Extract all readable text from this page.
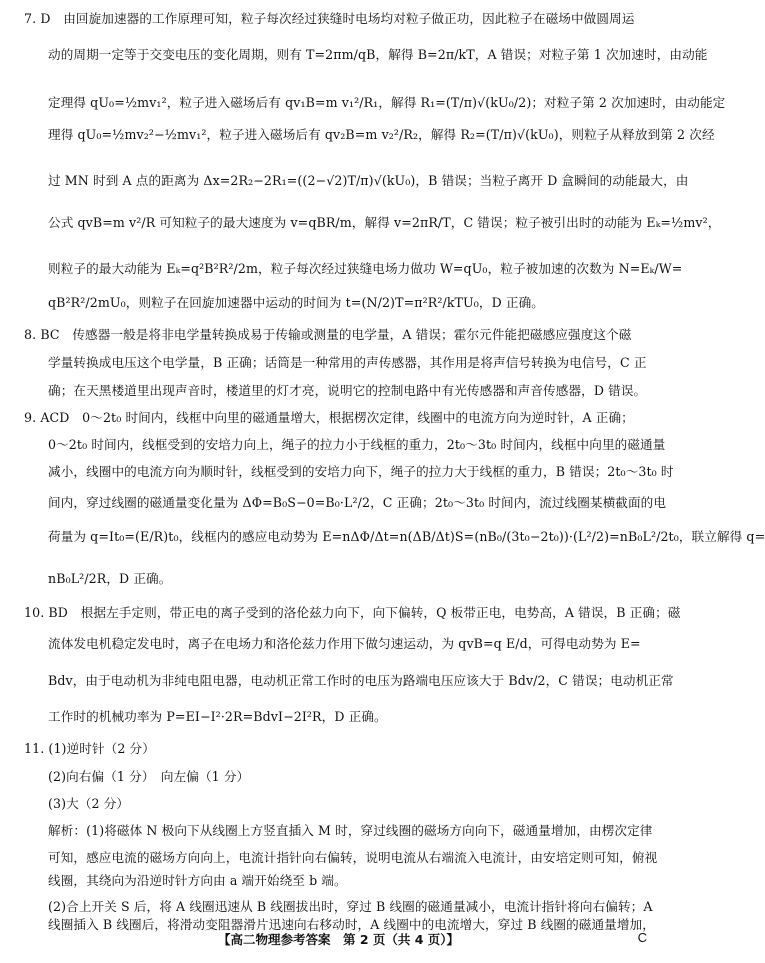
7. D　由回旋加速器的工作原理可知，粒子每次经过狭缝时电场均对粒子做正功，因此粒子在磁场中做圆周运
动的周期一定等于交变电压的变化周期，则有 T=2πm/qB，解得 B=2π/kT，A 错误；对粒子第 1 次加速时，由动能
定理得 qU₀=½mv₁²，粒子进入磁场后有 qv₁B=m v₁²/R₁，解得 R₁=(T/π)√(kU₀/2)；对粒子第 2 次加速时，由动能定
理得 qU₀=½mv₂²−½mv₁²，粒子进入磁场后有 qv₂B=m v₂²/R₂，解得 R₂=(T/π)√(kU₀)，则粒子从释放到第 2 次经
过 MN 时到 A 点的距离为 Δx=2R₂−2R₁=((2−√2)T/π)√(kU₀)，B 错误；当粒子离开 D 盒瞬间的动能最大，由
公式 qvB=m v²/R 可知粒子的最大速度为 v=qBR/m，解得 v=2πR/T，C 错误；粒子被引出时的动能为 Eₖ=½mv²，
则粒子的最大动能为 Eₖ=q²B²R²/2m，粒子每次经过狭缝电场力做功 W=qU₀，粒子被加速的次数为 N=Eₖ/W=
qB²R²/2mU₀，则粒子在回旋加速器中运动的时间为 t=(N/2)T=π²R²/kTU₀，D 正确。
8. BC　传感器一般是将非电学量转换成易于传输或测量的电学量，A 错误；霍尔元件能把磁感应强度这个磁
学量转换成电压这个电学量，B 正确；话筒是一种常用的声传感器，其作用是将声信号转换为电信号，C 正
确；在天黑楼道里出现声音时，楼道里的灯才亮，说明它的控制电路中有光传感器和声音传感器，D 错误。
9. ACD　0～2t₀ 时间内，线框中向里的磁通量增大，根据楞次定律，线圈中的电流方向为逆时针，A 正确；
0～2t₀ 时间内，线框受到的安培力向上，绳子的拉力小于线框的重力，2t₀～3t₀ 时间内，线框中向里的磁通量
减小，线圈中的电流方向为顺时针，线框受到的安培力向下，绳子的拉力大于线框的重力，B 错误；2t₀～3t₀ 时
间内，穿过线圈的磁通量变化量为 ΔΦ=B₀S−0=B₀·L²/2，C 正确；2t₀～3t₀ 时间内，流过线圈某横截面的电
荷量为 q=It₀=(E/R)t₀，线框内的感应电动势为 E=nΔΦ/Δt=n(ΔB/Δt)S=(nB₀/(3t₀−2t₀))·(L²/2)=nB₀L²/2t₀，联立解得 q=
nB₀L²/2R，D 正确。
10. BD　根据左手定则，带正电的离子受到的洛伦兹力向下，向下偏转，Q 板带正电，电势高，A 错误，B 正确；磁
流体发电机稳定发电时，离子在电场力和洛伦兹力作用下做匀速运动，为 qvB=q E/d，可得电动势为 E=
Bdv，由于电动机为非纯电阻电器，电动机正常工作时的电压为路端电压应该大于 Bdv/2，C 错误；电动机正常
工作时的机械功率为 P=EI−I²·2R=BdvI−2I²R，D 正确。
11. (1)逆时针（2 分）
(2)向右偏（1 分）　向左偏（1 分）
(3)大（2 分）
解析：(1)将磁体 N 极向下从线圈上方竖直插入 M 时，穿过线圈的磁场方向向下，磁通量增加，由楞次定律
可知，感应电流的磁场方向向上，电流计指针向右偏转，说明电流从右端流入电流计，由安培定则可知，俯视
线圈，其绕向为沿逆时针方向由 a 端开始绕至 b 端。
(2)合上开关 S 后，将 A 线圈迅速从 B 线圈拔出时，穿过 B 线圈的磁通量减小，电流计指针将向右偏转；A
线圈插入 B 线圈后，将滑动变阻器滑片迅速向右移动时，A 线圈中的电流增大，穿过 B 线圈的磁通量增加，
【高二物理参考答案　第 2 页（共 4 页）】	C
